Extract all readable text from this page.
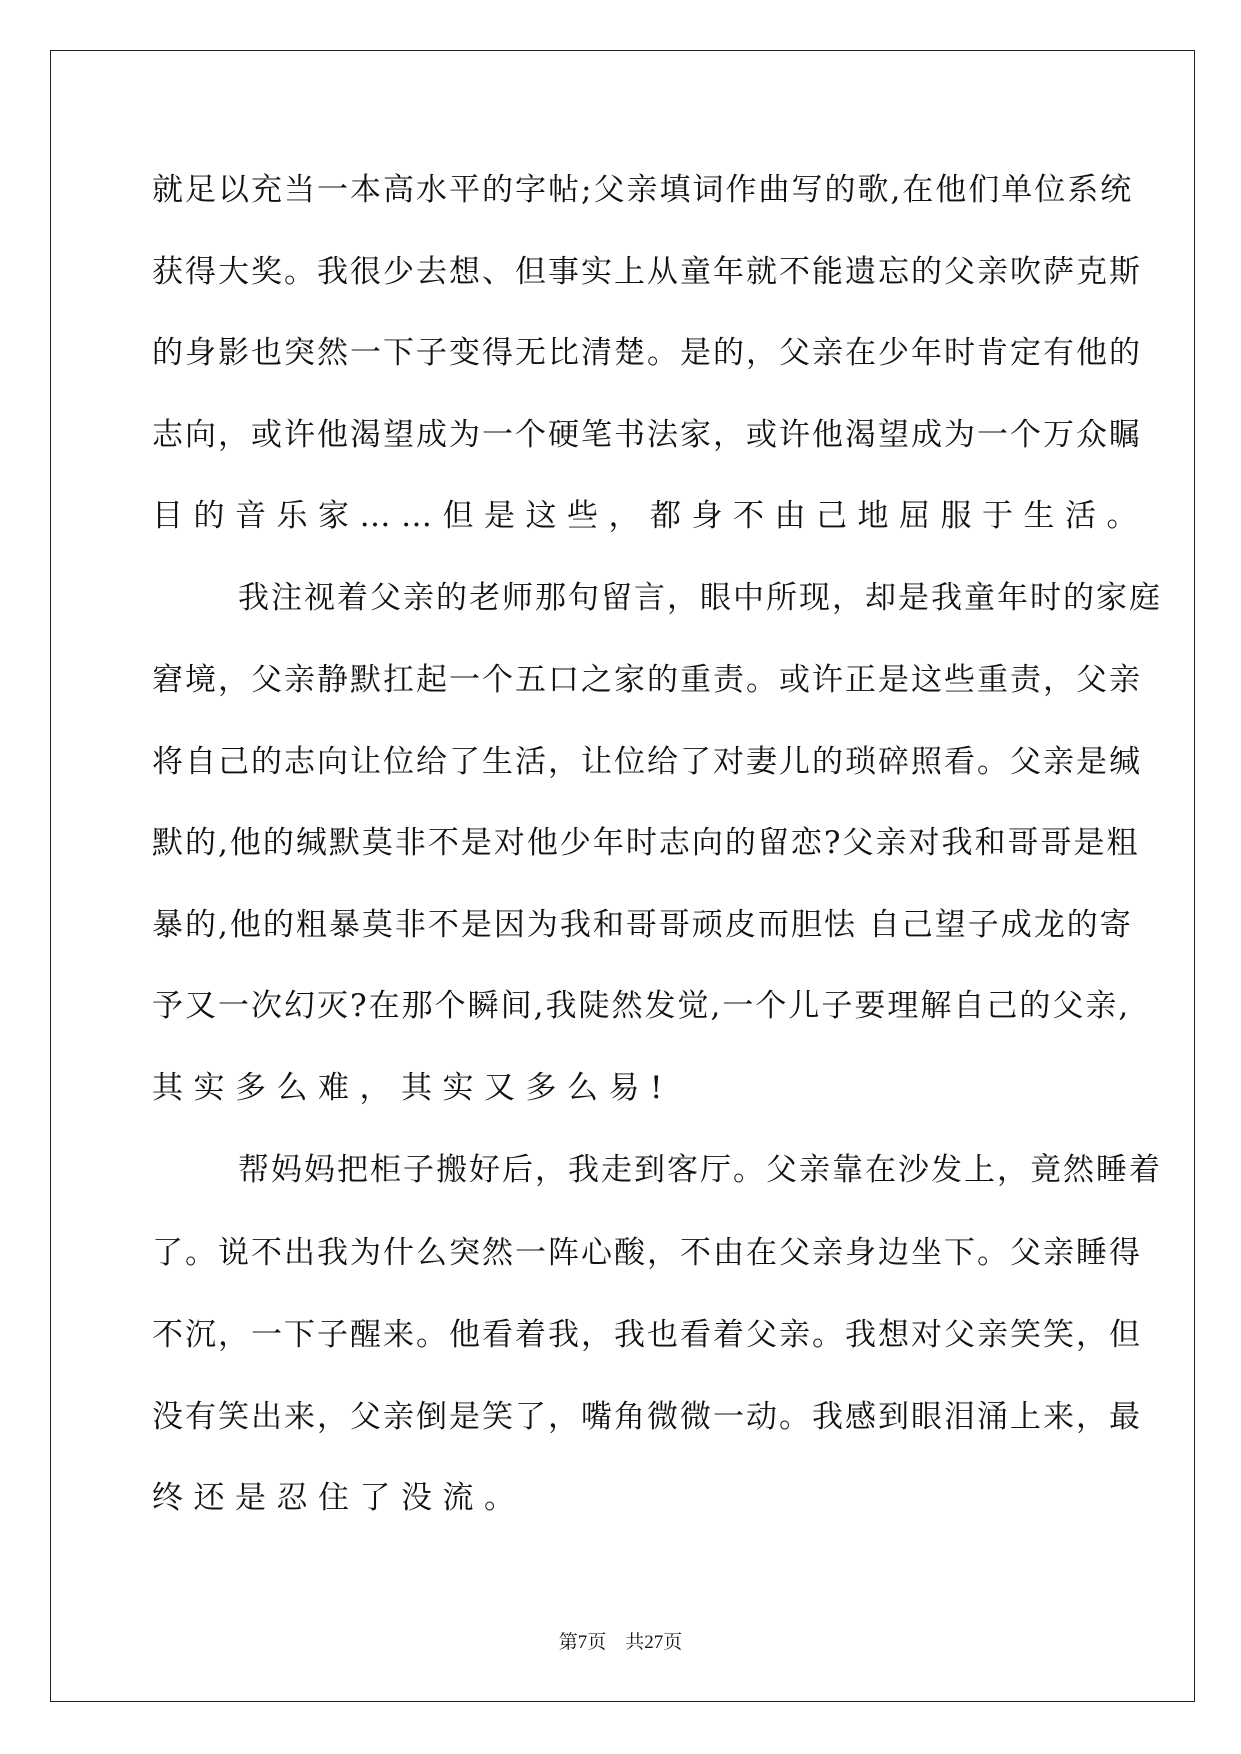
就足以充当一本高水平的字帖;父亲填词作曲写的歌,在他们单位系统
获得大奖。我很少去想、但事实上从童年就不能遗忘的父亲吹萨克斯
的身影也突然一下子变得无比清楚。是的，父亲在少年时肯定有他的
志向，或许他渴望成为一个硬笔书法家，或许他渴望成为一个万众瞩
目的音乐家……但是这些，都身不由己地屈服于生活。
我注视着父亲的老师那句留言，眼中所现，却是我童年时的家庭
窘境，父亲静默扛起一个五口之家的重责。或许正是这些重责，父亲
将自己的志向让位给了生活，让位给了对妻儿的琐碎照看。父亲是缄
默的,他的缄默莫非不是对他少年时志向的留恋?父亲对我和哥哥是粗
暴的,他的粗暴莫非不是因为我和哥哥顽皮而胆怯 自己望子成龙的寄
予又一次幻灭?在那个瞬间,我陡然发觉,一个儿子要理解自己的父亲,
其实多么难，其实又多么易!
帮妈妈把柜子搬好后，我走到客厅。父亲靠在沙发上，竟然睡着
了。说不出我为什么突然一阵心酸，不由在父亲身边坐下。父亲睡得
不沉，一下子醒来。他看着我，我也看着父亲。我想对父亲笑笑，但
没有笑出来，父亲倒是笑了，嘴角微微一动。我感到眼泪涌上来，最
终还是忍住了没流。
第7页　共27页
